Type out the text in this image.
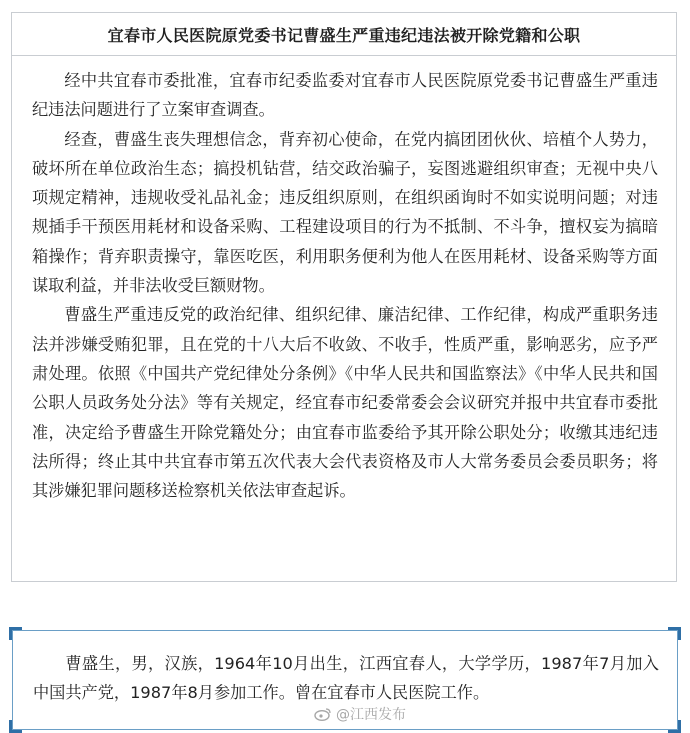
宜春市人民医院原党委书记曹盛生严重违纪违法被开除党籍和公职

经中共宜春市委批准，宜春市纪委监委对宜春市人民医院原党委书记曹盛生严重违纪违法问题进行了立案审查调查。

经查，曹盛生丧失理想信念，背弃初心使命，在党内搞团团伙伙、培植个人势力，破坏所在单位政治生态；搞投机钻营，结交政治骗子，妄图逃避组织审查；无视中央八项规定精神，违规收受礼品礼金；违反组织原则，在组织函询时不如实说明问题；对违规插手干预医用耗材和设备采购、工程建设项目的行为不抵制、不斗争，擅权妄为搞暗箱操作；背弃职责操守，靠医吃医，利用职务便利为他人在医用耗材、设备采购等方面谋取利益，并非法收受巨额财物。

曹盛生严重违反党的政治纪律、组织纪律、廉洁纪律、工作纪律，构成严重职务违法并涉嫌受贿犯罪，且在党的十八大后不收敛、不收手，性质严重，影响恶劣，应予严肃处理。依照《中国共产党纪律处分条例》《中华人民共和国监察法》《中华人民共和国公职人员政务处分法》等有关规定，经宜春市纪委常委会会议研究并报中共宜春市委批准，决定给予曹盛生开除党籍处分；由宜春市监委给予其开除公职处分；收缴其违纪违法所得；终止其中共宜春市第五次代表大会代表资格及市人大常务委员会委员职务；将其涉嫌犯罪问题移送检察机关依法审查起诉。

曹盛生，男，汉族，1964年10月出生，江西宜春人，大学学历，1987年7月加入中国共产党，1987年8月参加工作。曾在宜春市人民医院工作。

@江西发布
